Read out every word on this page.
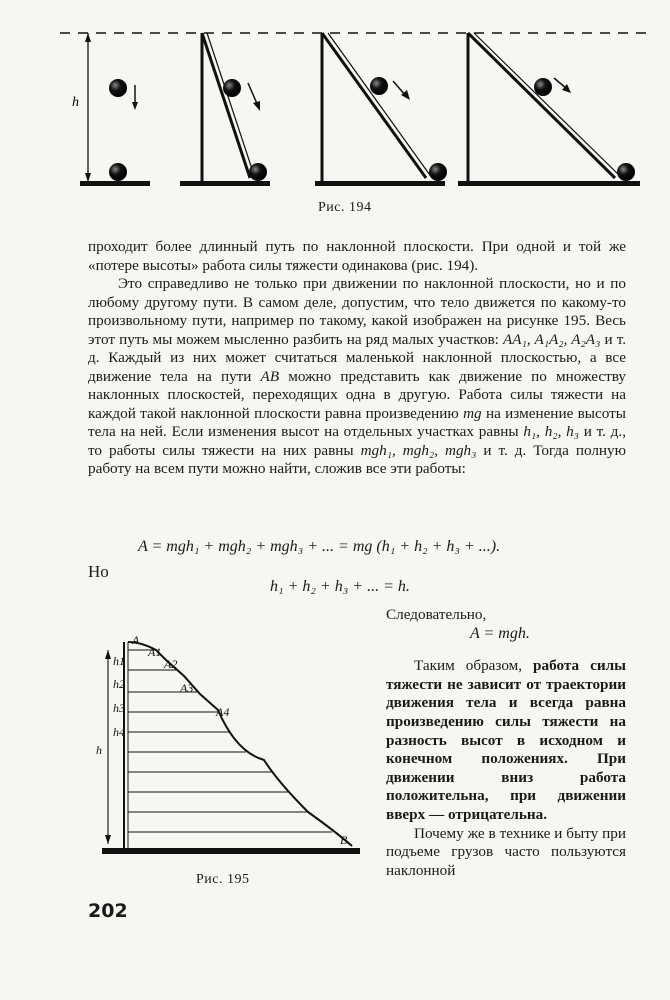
h
Рис. 194

проходит более длинный путь по наклонной плоскости. При одной и той же «потере высоты» работа силы тяжести одинакова (рис. 194).

Это справедливо не только при движении по наклонной плоскости, но и по любому другому пути. В самом деле, допустим, что тело движется по какому-то произвольному пути, например по такому, какой изображен на рисунке 195. Весь этот путь мы можем мысленно разбить на ряд малых участков: AA₁, A₁A₂, A₂A₃ и т. д. Каждый из них может считаться маленькой наклонной плоскостью, а все движение тела на пути AB можно представить как движение по множеству наклонных плоскостей, переходящих одна в другую. Работа силы тяжести на каждой такой наклонной плоскости равна произведению mg на изменение высоты тела на ней. Если изменения высот на отдельных участках равны h₁, h₂, h₃ и т. д., то работы силы тяжести на них равны mgh₁, mgh₂, mgh₃ и т. д. Тогда полную работу на всем пути можно найти, сложив все эти работы:

A = mgh₁ + mgh₂ + mgh₃ + ... = mg (h₁ + h₂ + h₃ + ...).
Но
h₁ + h₂ + h₃ + ... = h.
h
h1
h2
h3
h4
A
A1
A2
A3
A4
B
Рис. 195

Следовательно,

A = mgh.

Таким образом, работа силы тяжести не зависит от траектории движения тела и всегда равна произведению силы тяжести на разность высот в исходном и конечном положениях. При движении вниз работа положительна, при движении вверх — отрицательна.

Почему же в технике и быту при подъеме грузов часто пользуются наклонной

202
